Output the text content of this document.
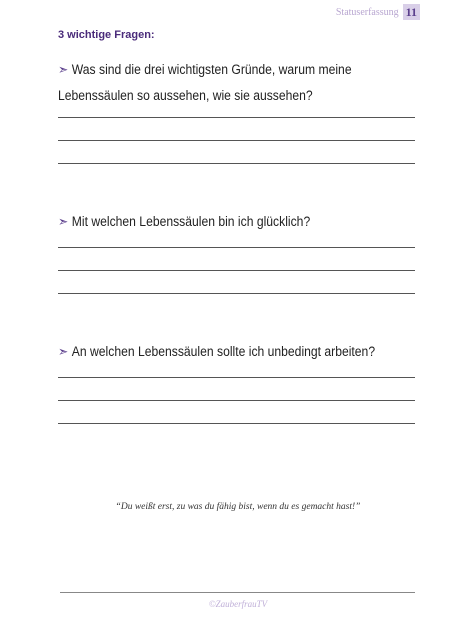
Statuserfassung 11
3 wichtige Fragen:
➣ Was sind die drei wichtigsten Gründe, warum meine Lebenssäulen so aussehen, wie sie aussehen?
➣ Mit welchen Lebenssäulen bin ich glücklich?
➣ An welchen Lebenssäulen sollte ich unbedingt arbeiten?
“Du weißt erst, zu was du fähig bist, wenn du es gemacht hast!”
©ZauberfrauTV
